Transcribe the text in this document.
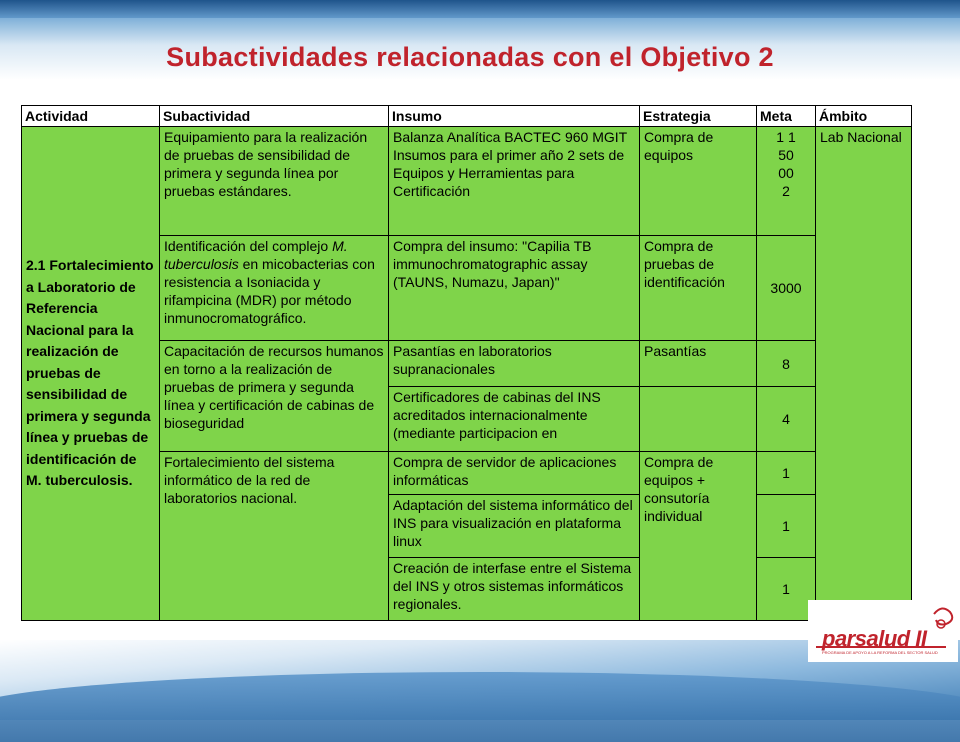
Subactividades relacionadas con el Objetivo 2
Actividad	Subactividad	Insumo	Estrategia	Meta	Ámbito
2.1 Fortalecimiento a Laboratorio de Referencia Nacional para la realización de pruebas de sensibilidad de primera y segunda línea y pruebas de identificación de M. tuberculosis.	Equipamiento para la realización de pruebas de sensibilidad de primera y segunda línea por pruebas estándares.	Balanza Analítica BACTEC 960 MGIT Insumos para el primer año 2 sets de Equipos y Herramientas para Certificación	Compra de equipos	1 1 5000 2	Lab Nacional
	Identificación del complejo M. tuberculosis en micobacterias con resistencia a Isoniacida y rifampicina (MDR) por método inmunocromatográfico.	Compra del insumo: "Capilia TB immunochromatographic assay (TAUNS, Numazu, Japan)"	Compra de pruebas de identificación	3000	
	Capacitación de recursos humanos en torno a la realización de pruebas de primera y segunda línea y certificación de cabinas de bioseguridad	Pasantías en laboratorios supranacionales	Pasantías	8	
		Certificadores de cabinas del INS acreditados internacionalmente (mediante participacion en		4	
	Fortalecimiento del sistema informático de la red de laboratorios nacional.	Compra de servidor de aplicaciones informáticas	Compra de equipos + consutoría individual	1	
		Adaptación del sistema informático del INS para visualización en plataforma linux		1	
		Creación de interfase entre el Sistema del INS y otros sistemas informáticos regionales.		1	
parsalud II
PROGRAMA DE APOYO A LA REFORMA DEL SECTOR SALUD
